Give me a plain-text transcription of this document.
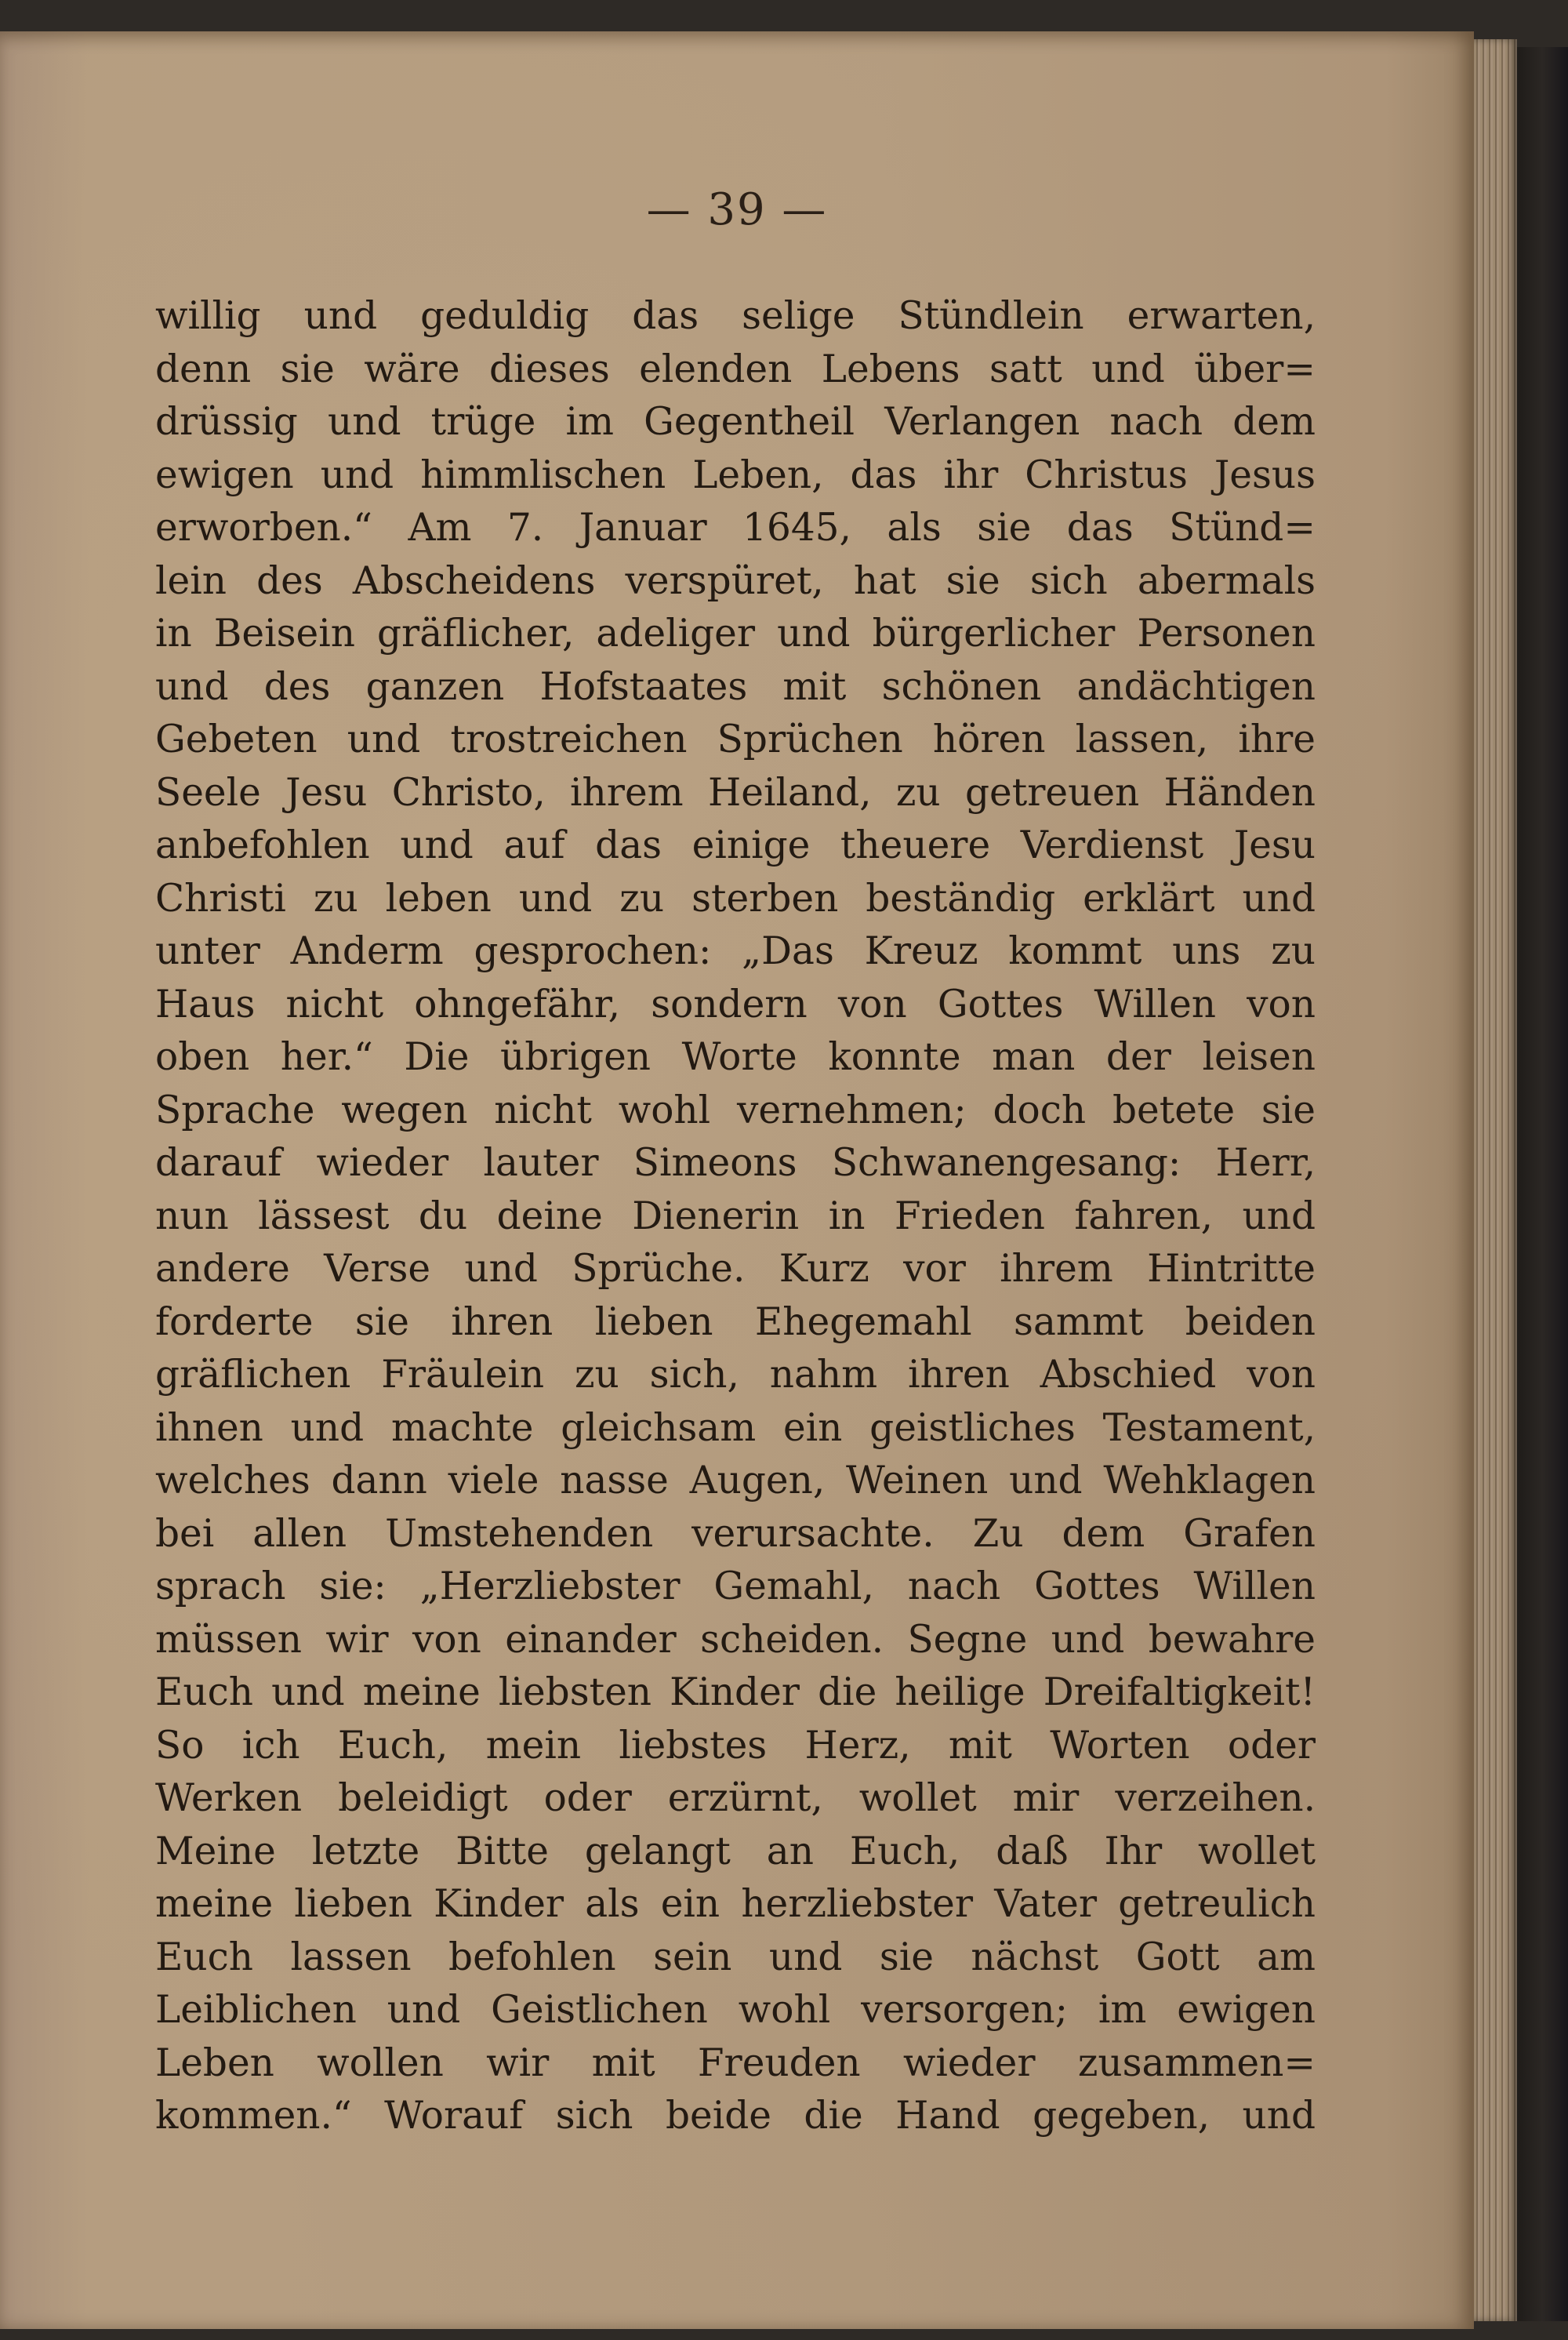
— 39 —
willig und geduldig das selige Stündlein erwarten,
denn sie wäre dieses elenden Lebens satt und über=
drüssig und trüge im Gegentheil Verlangen nach dem
ewigen und himmlischen Leben, das ihr Christus Jesus
erworben.“ Am 7. Januar 1645, als sie das Stünd=
lein des Abscheidens verspüret, hat sie sich abermals
in Beisein gräflicher, adeliger und bürgerlicher Personen
und des ganzen Hofstaates mit schönen andächtigen
Gebeten und trostreichen Sprüchen hören lassen, ihre
Seele Jesu Christo, ihrem Heiland, zu getreuen Händen
anbefohlen und auf das einige theuere Verdienst Jesu
Christi zu leben und zu sterben beständig erklärt und
unter Anderm gesprochen: „Das Kreuz kommt uns zu
Haus nicht ohngefähr, sondern von Gottes Willen von
oben her.“ Die übrigen Worte konnte man der leisen
Sprache wegen nicht wohl vernehmen; doch betete sie
darauf wieder lauter Simeons Schwanengesang: Herr,
nun lässest du deine Dienerin in Frieden fahren, und
andere Verse und Sprüche. Kurz vor ihrem Hintritte
forderte sie ihren lieben Ehegemahl sammt beiden
gräflichen Fräulein zu sich, nahm ihren Abschied von
ihnen und machte gleichsam ein geistliches Testament,
welches dann viele nasse Augen, Weinen und Wehklagen
bei allen Umstehenden verursachte. Zu dem Grafen
sprach sie: „Herzliebster Gemahl, nach Gottes Willen
müssen wir von einander scheiden. Segne und bewahre
Euch und meine liebsten Kinder die heilige Dreifaltigkeit!
So ich Euch, mein liebstes Herz, mit Worten oder
Werken beleidigt oder erzürnt, wollet mir verzeihen.
Meine letzte Bitte gelangt an Euch, daß Ihr wollet
meine lieben Kinder als ein herzliebster Vater getreulich
Euch lassen befohlen sein und sie nächst Gott am
Leiblichen und Geistlichen wohl versorgen; im ewigen
Leben wollen wir mit Freuden wieder zusammen=
kommen.“ Worauf sich beide die Hand gegeben, und
